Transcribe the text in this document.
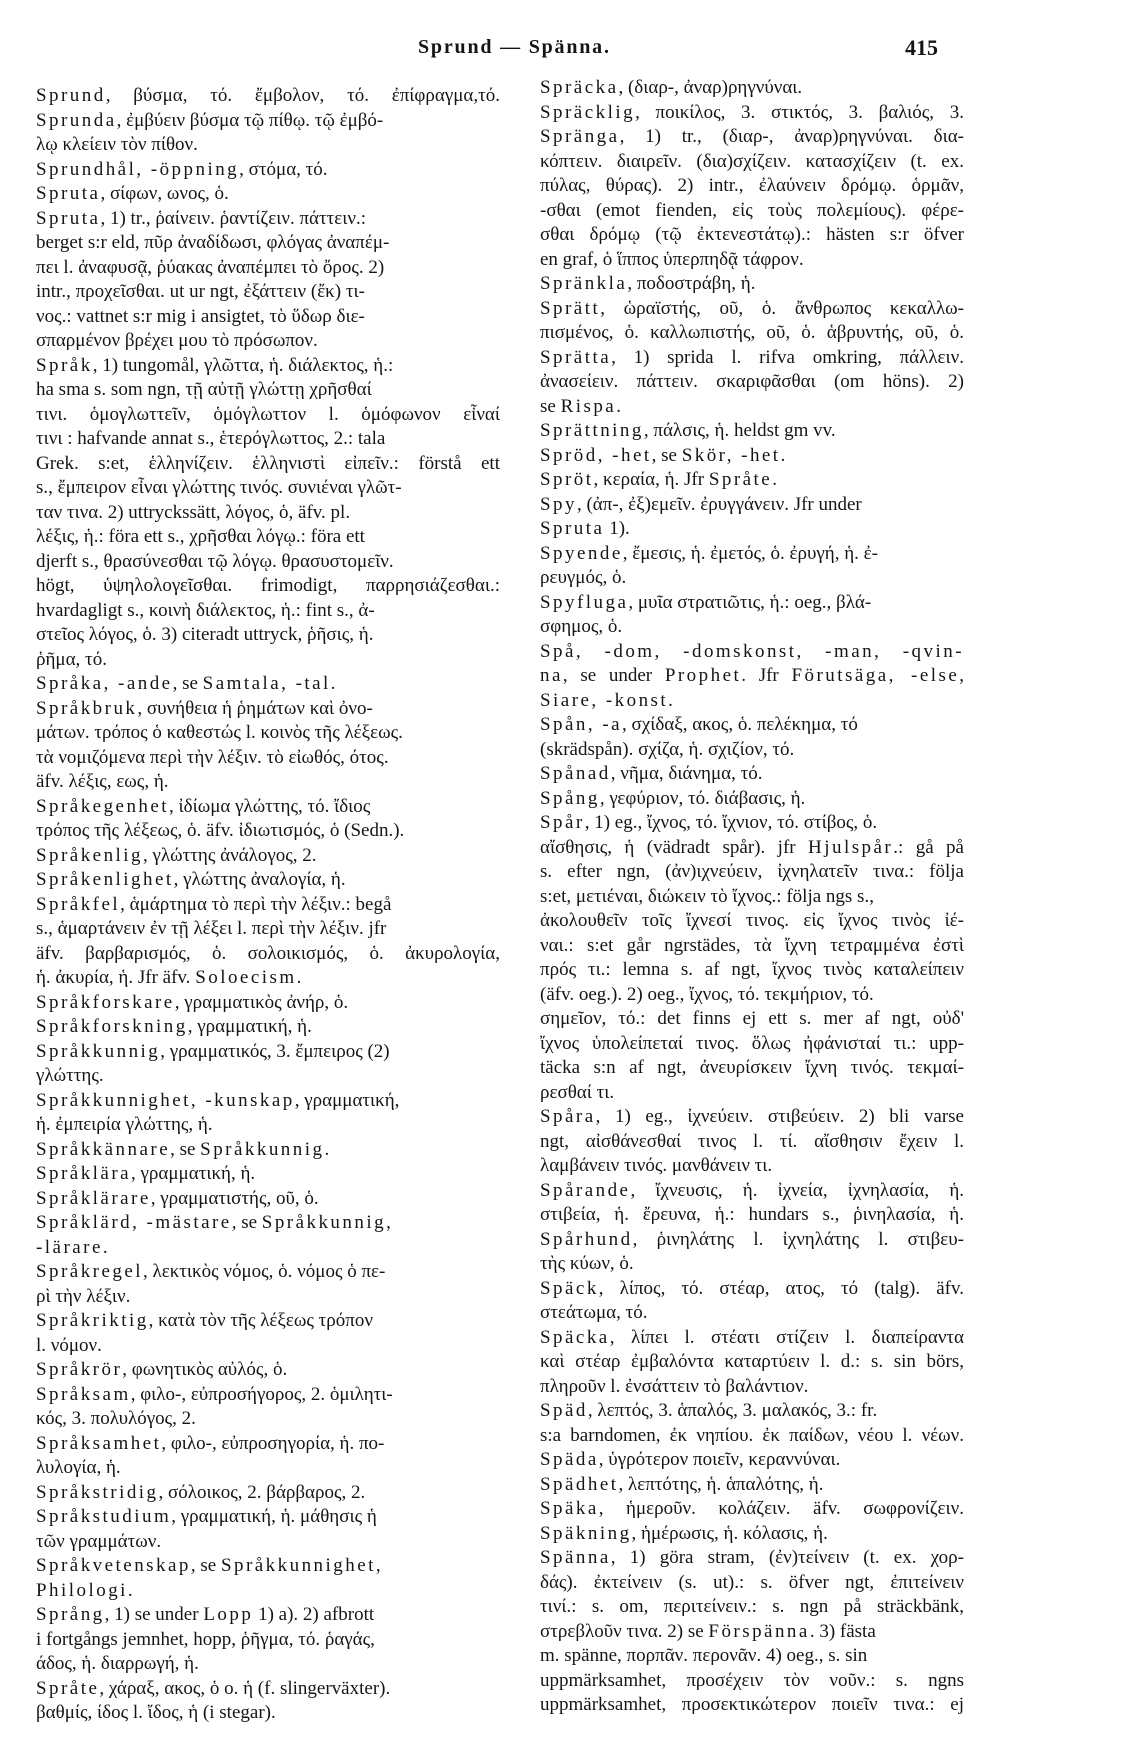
Sprund — Spänna.	415
Sprund, βύσμα, τό. ἔμβολον, τό. ἐπίφραγμα,τό.
Sprunda, ἐμβύειν βύσμα τῷ πίθῳ. τῷ ἐμβό-
λῳ κλείειν τὸν πίθον.
Sprundhål, -öppning, στόμα, τό.
Spruta, σίφων, ωνος, ὁ.
Spruta, 1) tr., ῥαίνειν. ῥαντίζειν. πάττειν.:
berget s:r eld, πῦρ ἀναδίδωσι, φλόγας ἀναπέμ-
πει l. ἀναφυσᾷ, ῥύακας ἀναπέμπει τὸ ὄρος. 2)
intr., προχεῖσθαι. ut ur ngt, ἐξάττειν (ἔκ) τι-
νος.: vattnet s:r mig i ansigtet, τὸ ὕδωρ διε-
σπαρμένον βρέχει μου τὸ πρόσωπον.
Språk, 1) tungomål, γλῶττα, ἡ. διάλεκτος, ἡ.:
ha sma s. som ngn, τῇ αὐτῇ γλώττῃ χρῆσθαί
τινι. ὁμογλωττεῖν, ὁμόγλωττον l. ὁμόφωνον εἶναί
τινι : hafvande annat s., ἑτερόγλωττος, 2.: tala
Grek. s:et, ἑλληνίζειν. ἑλληνιστὶ εἰπεῖν.: förstå ett
s., ἔμπειρον εἶναι γλώττης τινός. συνιέναι γλῶτ-
ταν τινα. 2) uttryckssätt, λόγος, ὁ, äfv. pl.
λέξις, ἡ.: föra ett s., χρῆσθαι λόγῳ.: föra ett
djerft s., θρασύνεσθαι τῷ λόγῳ. θρασυστομεῖν.
högt, ὑψηλολογεῖσθαι. frimodigt, παρρησιάζεσθαι.:
hvardagligt s., κοινὴ διάλεκτος, ἡ.: fint s., ἀ-
στεῖος λόγος, ὁ. 3) citeradt uttryck, ῥῆσις, ἡ.
ῥῆμα, τό.
Språka, -ande, se Samtala, -tal.
Språkbruk, συνήθεια ἡ ῥημάτων καὶ ὀνο-
μάτων. τρόπος ὁ καθεστώς l. κοινὸς τῆς λέξεως.
τὰ νομιζόμενα περὶ τὴν λέξιν. τὸ εἰωθός, ότος.
äfv. λέξις, εως, ἡ.
Språkegenhet, ἰδίωμα γλώττης, τό. ἴδιος
τρόπος τῆς λέξεως, ὁ. äfv. ἰδιωτισμός, ὁ (Sedn.).
Språkenlig, γλώττης ἀνάλογος, 2.
Språkenlighet, γλώττης ἀναλογία, ἡ.
Språkfel, ἁμάρτημα τὸ περὶ τὴν λέξιν.: begå
s., ἁμαρτάνειν ἐν τῇ λέξει l. περὶ τὴν λέξιν. jfr
äfv. βαρβαρισμός, ὁ. σολοικισμός, ὁ. ἀκυρολογία,
ἡ. ἀκυρία, ἡ. Jfr äfv. Soloecism.
Språkforskare, γραμματικὸς ἀνήρ, ὁ.
Språkforskning, γραμματική, ἡ.
Språkkunnig, γραμματικός, 3. ἔμπειρος (2)
γλώττης.
Språkkunnighet, -kunskap, γραμματική,
ἡ. ἐμπειρία γλώττης, ἡ.
Språkkännare, se Språkkunnig.
Språklära, γραμματική, ἡ.
Språklärare, γραμματιστής, οῦ, ὁ.
Språklärd, -mästare, se Språkkunnig,
-lärare.
Språkregel, λεκτικὸς νόμος, ὁ. νόμος ὁ πε-
ρὶ τὴν λέξιν.
Språkriktig, κατὰ τὸν τῆς λέξεως τρόπον
l. νόμον.
Språkrör, φωνητικὸς αὐλός, ὁ.
Språksam, φιλο-, εὐπροσήγορος, 2. ὁμιλητι-
κός, 3. πολυλόγος, 2.
Språksamhet, φιλο-, εὐπροσηγορία, ἡ. πο-
λυλογία, ἡ.
Språkstridig, σόλοικος, 2. βάρβαρος, 2.
Språkstudium, γραμματική, ἡ. μάθησις ἡ
τῶν γραμμάτων.
Språkvetenskap, se Språkkunnighet,
Philologi.
Språng, 1) se under Lopp 1) a). 2) afbrott
i fortgångs jemnhet, hopp, ῥῆγμα, τό. ῥαγάς,
άδος, ἡ. διαρρωγή, ἡ.
Språte, χάραξ, ακος, ὁ o. ἡ (f. slingerväxter).
βαθμίς, ίδος l. ἴδος, ἡ (i stegar).
Spräcka, (διαρ-, ἀναρ)ρηγνύναι.
Spräcklig, ποικίλος, 3. στικτός, 3. βαλιός, 3.
Spränga, 1) tr., (διαρ-, ἀναρ)ρηγνύναι. δια-
κόπτειν. διαιρεῖν. (δια)σχίζειν. κατασχίζειν (t. ex.
πύλας, θύρας). 2) intr., ἐλαύνειν δρόμῳ. ὁρμᾶν,
-σθαι (emot fienden, εἰς τοὺς πολεμίους). φέρε-
σθαι δρόμῳ (τῷ ἐκτενεστάτῳ).: hästen s:r öfver
en graf, ὁ ἵππος ὑπερπηδᾷ τάφρον.
Spränkla, ποδοστράβη, ἡ.
Sprätt, ὡραϊστής, οῦ, ὁ. ἄνθρωπος κεκαλλω-
πισμένος, ὁ. καλλωπιστής, οῦ, ὁ. ἁβρυντής, οῦ, ὁ.
Sprätta, 1) sprida l. rifva omkring, πάλλειν.
ἀνασείειν. πάττειν. σκαριφᾶσθαι (om höns). 2)
se Rispa.
Sprättning, πάλσις, ἡ. heldst gm vv.
Spröd, -het, se Skör, -het.
Spröt, κεραία, ἡ. Jfr Språte.
Spy, (ἀπ-, ἐξ)εμεῖν. ἐρυγγάνειν. Jfr under
Spruta 1).
Spyende, ἔμεσις, ἡ. ἐμετός, ὁ. ἐρυγή, ἡ. ἐ-
ρευγμός, ὁ.
Spyfluga, μυῖα στρατιῶτις, ἡ.: oeg., βλά-
σφημος, ὁ.
Spå, -dom, -domskonst, -man, -qvin-
na, se under Prophet. Jfr Förutsäga, -else,
Siare, -konst.
Spån, -a, σχίδαξ, ακος, ὁ. πελέκημα, τό
(skrädspån). σχίζα, ἡ. σχιζίον, τό.
Spånad, νῆμα, διάνημα, τό.
Spång, γεφύριον, τό. διάβασις, ἡ.
Spår, 1) eg., ἴχνος, τό. ἴχνιον, τό. στίβος, ὁ.
αἴσθησις, ἡ (vädradt spår). jfr Hjulspår.: gå på
s. efter ngn, (ἀν)ιχνεύειν, ἰχνηλατεῖν τινα.: följa
s:et, μετιέναι, διώκειν τὸ ἴχνος.: följa ngs s.,
ἀκολουθεῖν τοῖς ἴχνεσί τινος. εἰς ἴχνος τινὸς ἰέ-
ναι.: s:et går ngrstädes, τὰ ἴχνη τετραμμένα ἐστὶ
πρός τι.: lemna s. af ngt, ἴχνος τινὸς καταλείπειν
(äfv. oeg.). 2) oeg., ἴχνος, τό. τεκμήριον, τό.
σημεῖον, τό.: det finns ej ett s. mer af ngt, οὐδ'
ἴχνος ὑπολείπεταί τινος. ὅλως ἠφάνισταί τι.: upp-
täcka s:n af ngt, ἀνευρίσκειν ἴχνη τινός. τεκμαί-
ρεσθαί τι.
Spåra, 1) eg., ἰχνεύειν. στιβεύειν. 2) bli varse
ngt, αἰσθάνεσθαί τινος l. τί. αἴσθησιν ἔχειν l.
λαμβάνειν τινός. μανθάνειν τι.
Spårande, ἴχνευσις, ἡ. ἰχνεία, ἰχνηλασία, ἡ.
στιβεία, ἡ. ἔρευνα, ἡ.: hundars s., ῥινηλασία, ἡ.
Spårhund, ῥινηλάτης l. ἰχνηλάτης l. στιβευ-
τὴς κύων, ὁ.
Späck, λίπος, τό. στέαρ, ατος, τό (talg). äfv.
στεάτωμα, τό.
Späcka, λίπει l. στέατι στίζειν l. διαπείραντα
καὶ στέαρ ἐμβαλόντα καταρτύειν l. d.: s. sin börs,
πληροῦν l. ἐνσάττειν τὸ βαλάντιον.
Späd, λεπτός, 3. ἁπαλός, 3. μαλακός, 3.: fr.
s:a barndomen, ἐκ νηπίου. ἐκ παίδων, νέου l. νέων.
Späda, ὑγρότερον ποιεῖν, κεραννύναι.
Spädhet, λεπτότης, ἡ. ἁπαλότης, ἡ.
Späka, ἡμεροῦν. κολάζειν. äfv. σωφρονίζειν.
Späkning, ἡμέρωσις, ἡ. κόλασις, ἡ.
Spänna, 1) göra stram, (ἐν)τείνειν (t. ex. χορ-
δάς). ἐκτείνειν (s. ut).: s. öfver ngt, ἐπιτείνειν
τινί.: s. om, περιτείνειν.: s. ngn på sträckbänk,
στρεβλοῦν τινα. 2) se Förspänna. 3) fästa
m. spänne, πορπᾶν. περονᾶν. 4) oeg., s. sin
uppmärksamhet, προσέχειν τὸν νοῦν.: s. ngns
uppmärksamhet, προσεκτικώτερον ποιεῖν τινα.: ej
